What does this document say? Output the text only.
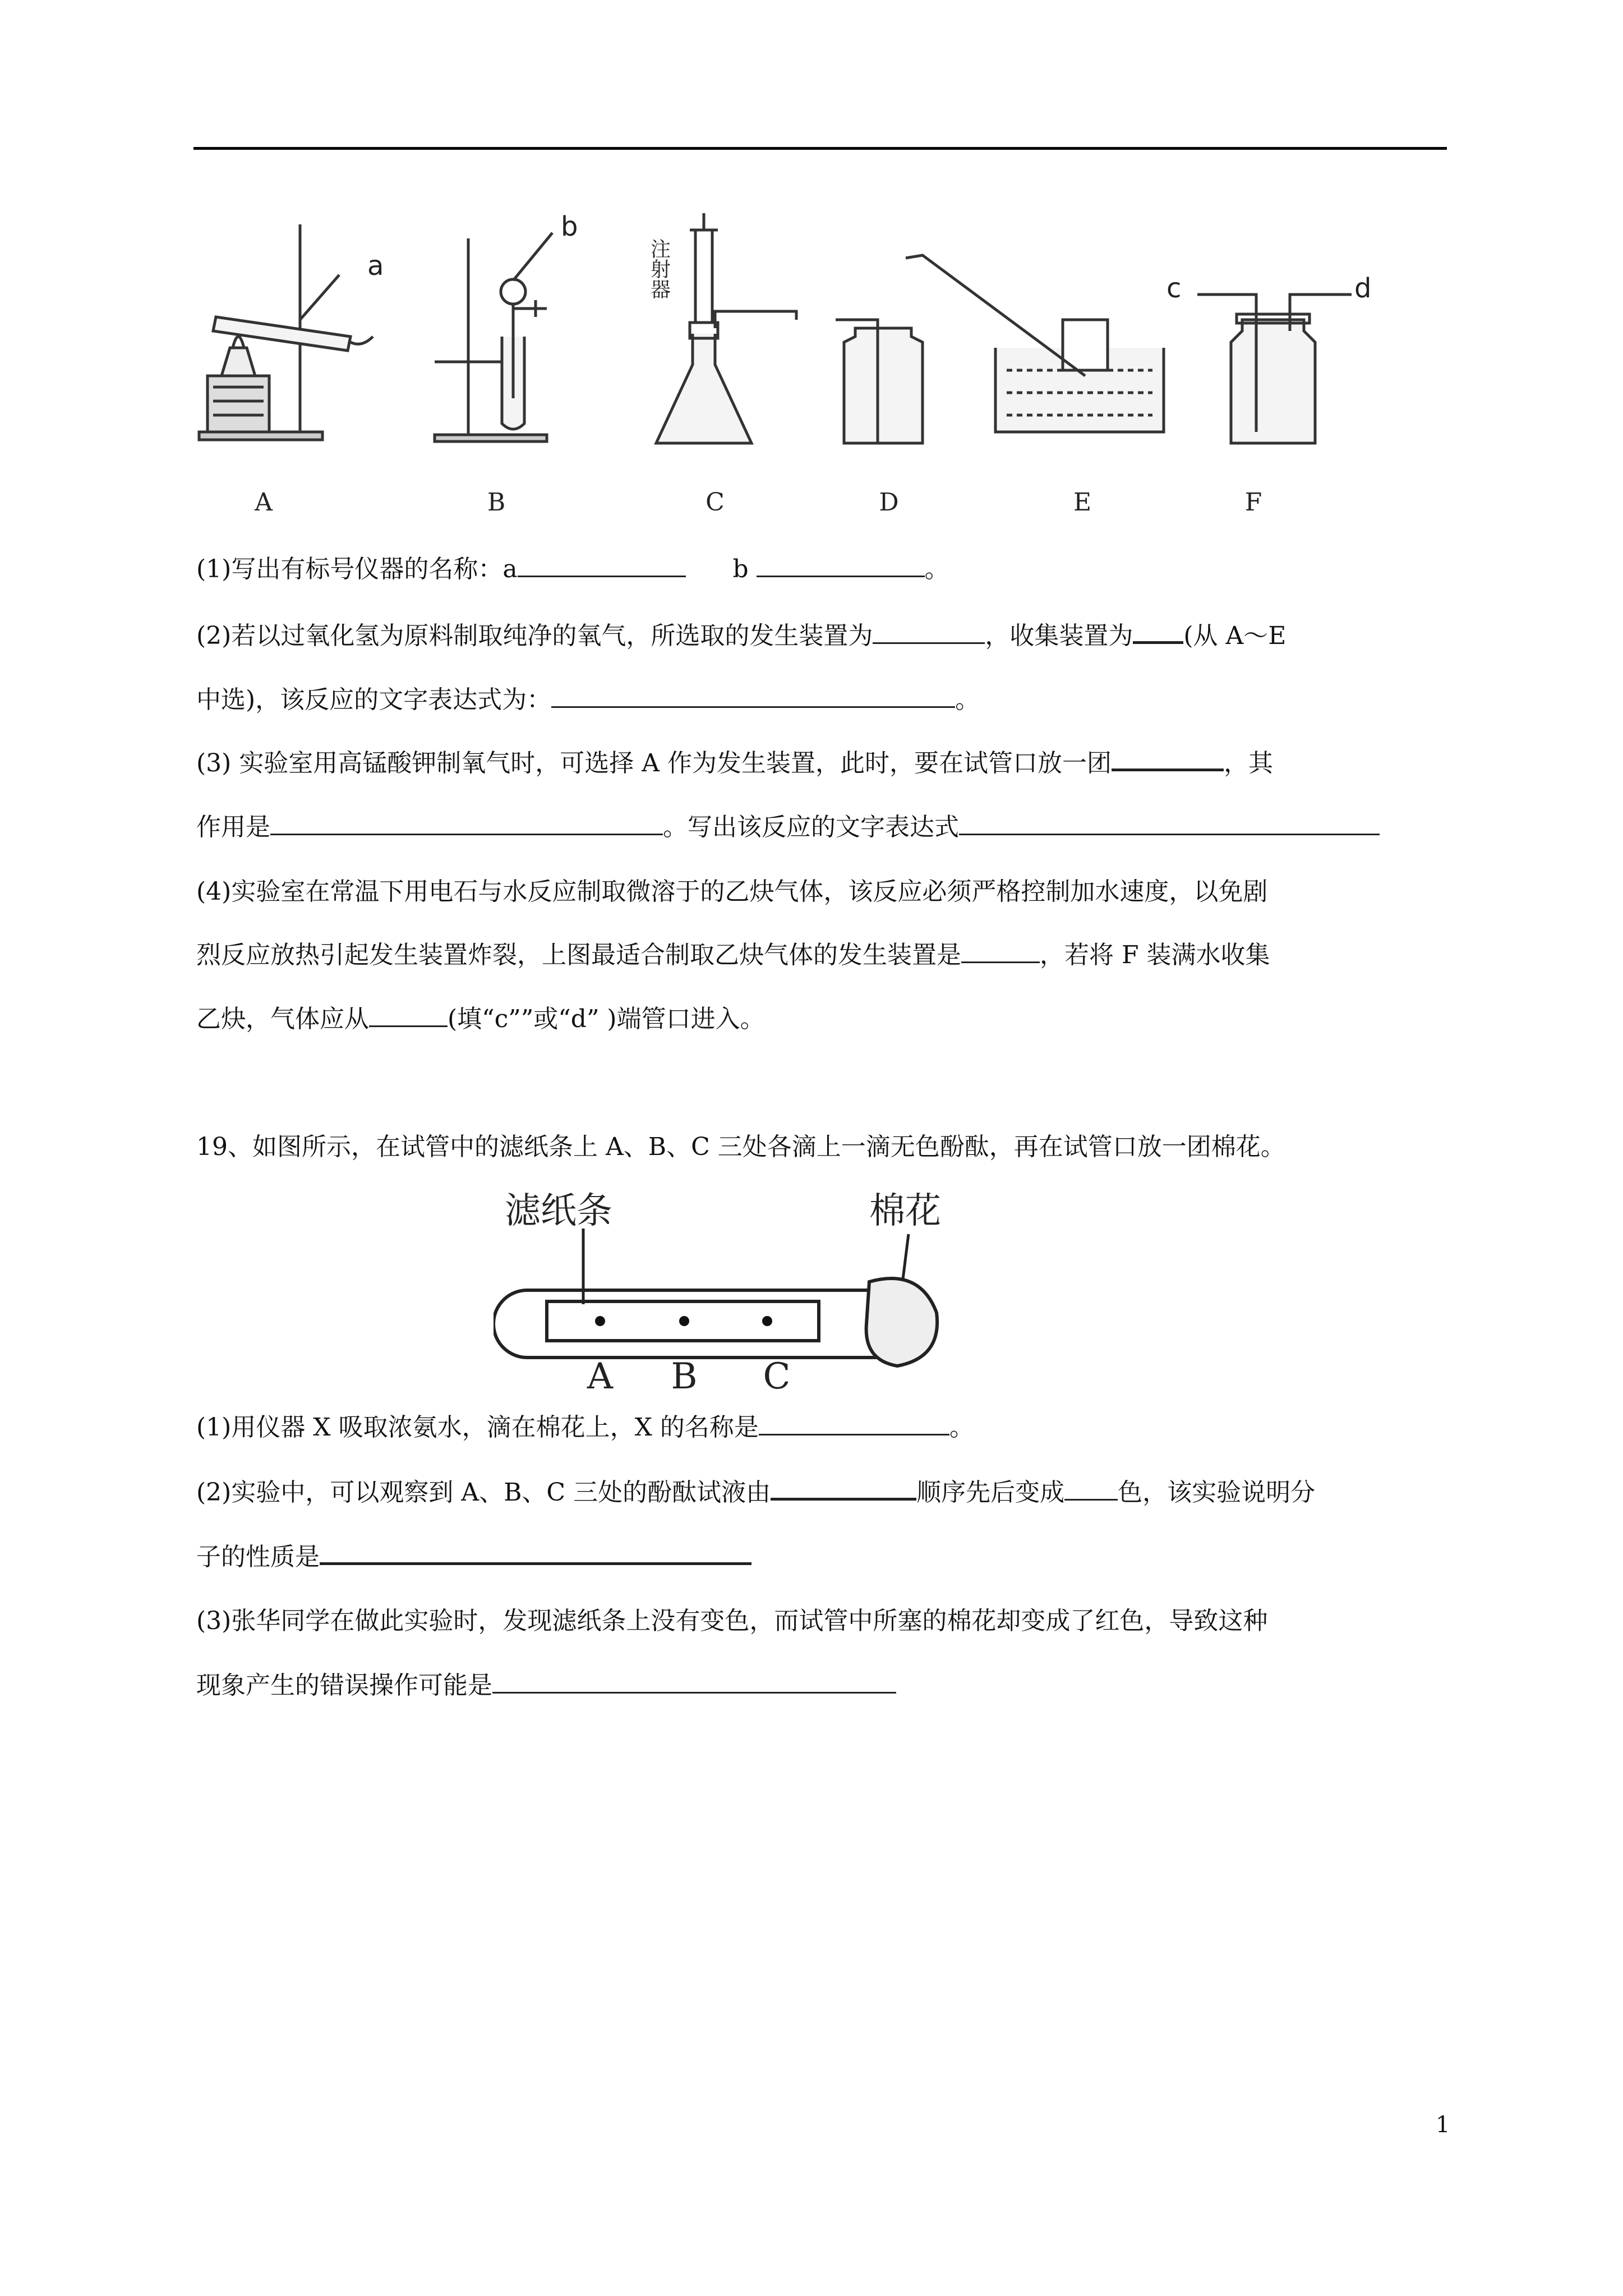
a
b
c	d
注射器
A	B	C	D	E	F
(1)写出有标号仪器的名称：a	b	。
(2)若以过氧化氢为原料制取纯净的氧气，所选取的发生装置为	，收集装置为 (从 A～E
中选)，该反应的文字表达式为：	。
(3) 实验室用高锰酸钾制氧气时，可选择 A 作为发生装置，此时，要在试管口放一团	，其
作用是	。写出该反应的文字表达式
(4)实验室在常温下用电石与水反应制取微溶于的乙炔气体，该反应必须严格控制加水速度，以免剧
烈反应放热引起发生装置炸裂，上图最适合制取乙炔气体的发生装置是	，若将 F 装满水收集
乙炔，气体应从	(填“c””或“d” )端管口进入。
19、如图所示，在试管中的滤纸条上 A、B、C 三处各滴上一滴无色酚酞，再在试管口放一团棉花。
滤纸条	棉花
A B C
(1)用仪器 X 吸取浓氨水，滴在棉花上，X 的名称是	。
(2)实验中，可以观察到 A、B、C 三处的酚酞试液由	顺序先后变成 色，该实验说明分
子的性质是
(3)张华同学在做此实验时，发现滤纸条上没有变色，而试管中所塞的棉花却变成了红色，导致这种
现象产生的错误操作可能是
1
